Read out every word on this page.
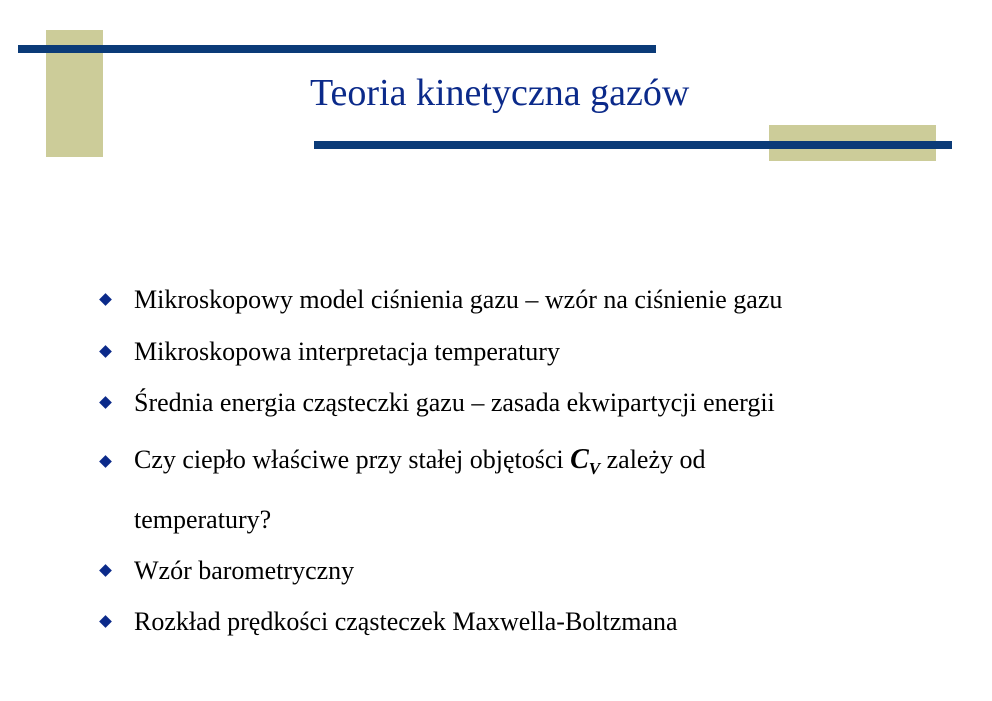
Teoria kinetyczna gazów
Mikroskopowy model ciśnienia gazu – wzór na ciśnienie gazu
Mikroskopowa interpretacja temperatury
Średnia energia cząsteczki gazu – zasada ekwipartycji energii
Czy ciepło właściwe przy stałej objętości $C_V$ zależy od
temperatury?
Wzór barometryczny
Rozkład prędkości cząsteczek Maxwella-Boltzmana
